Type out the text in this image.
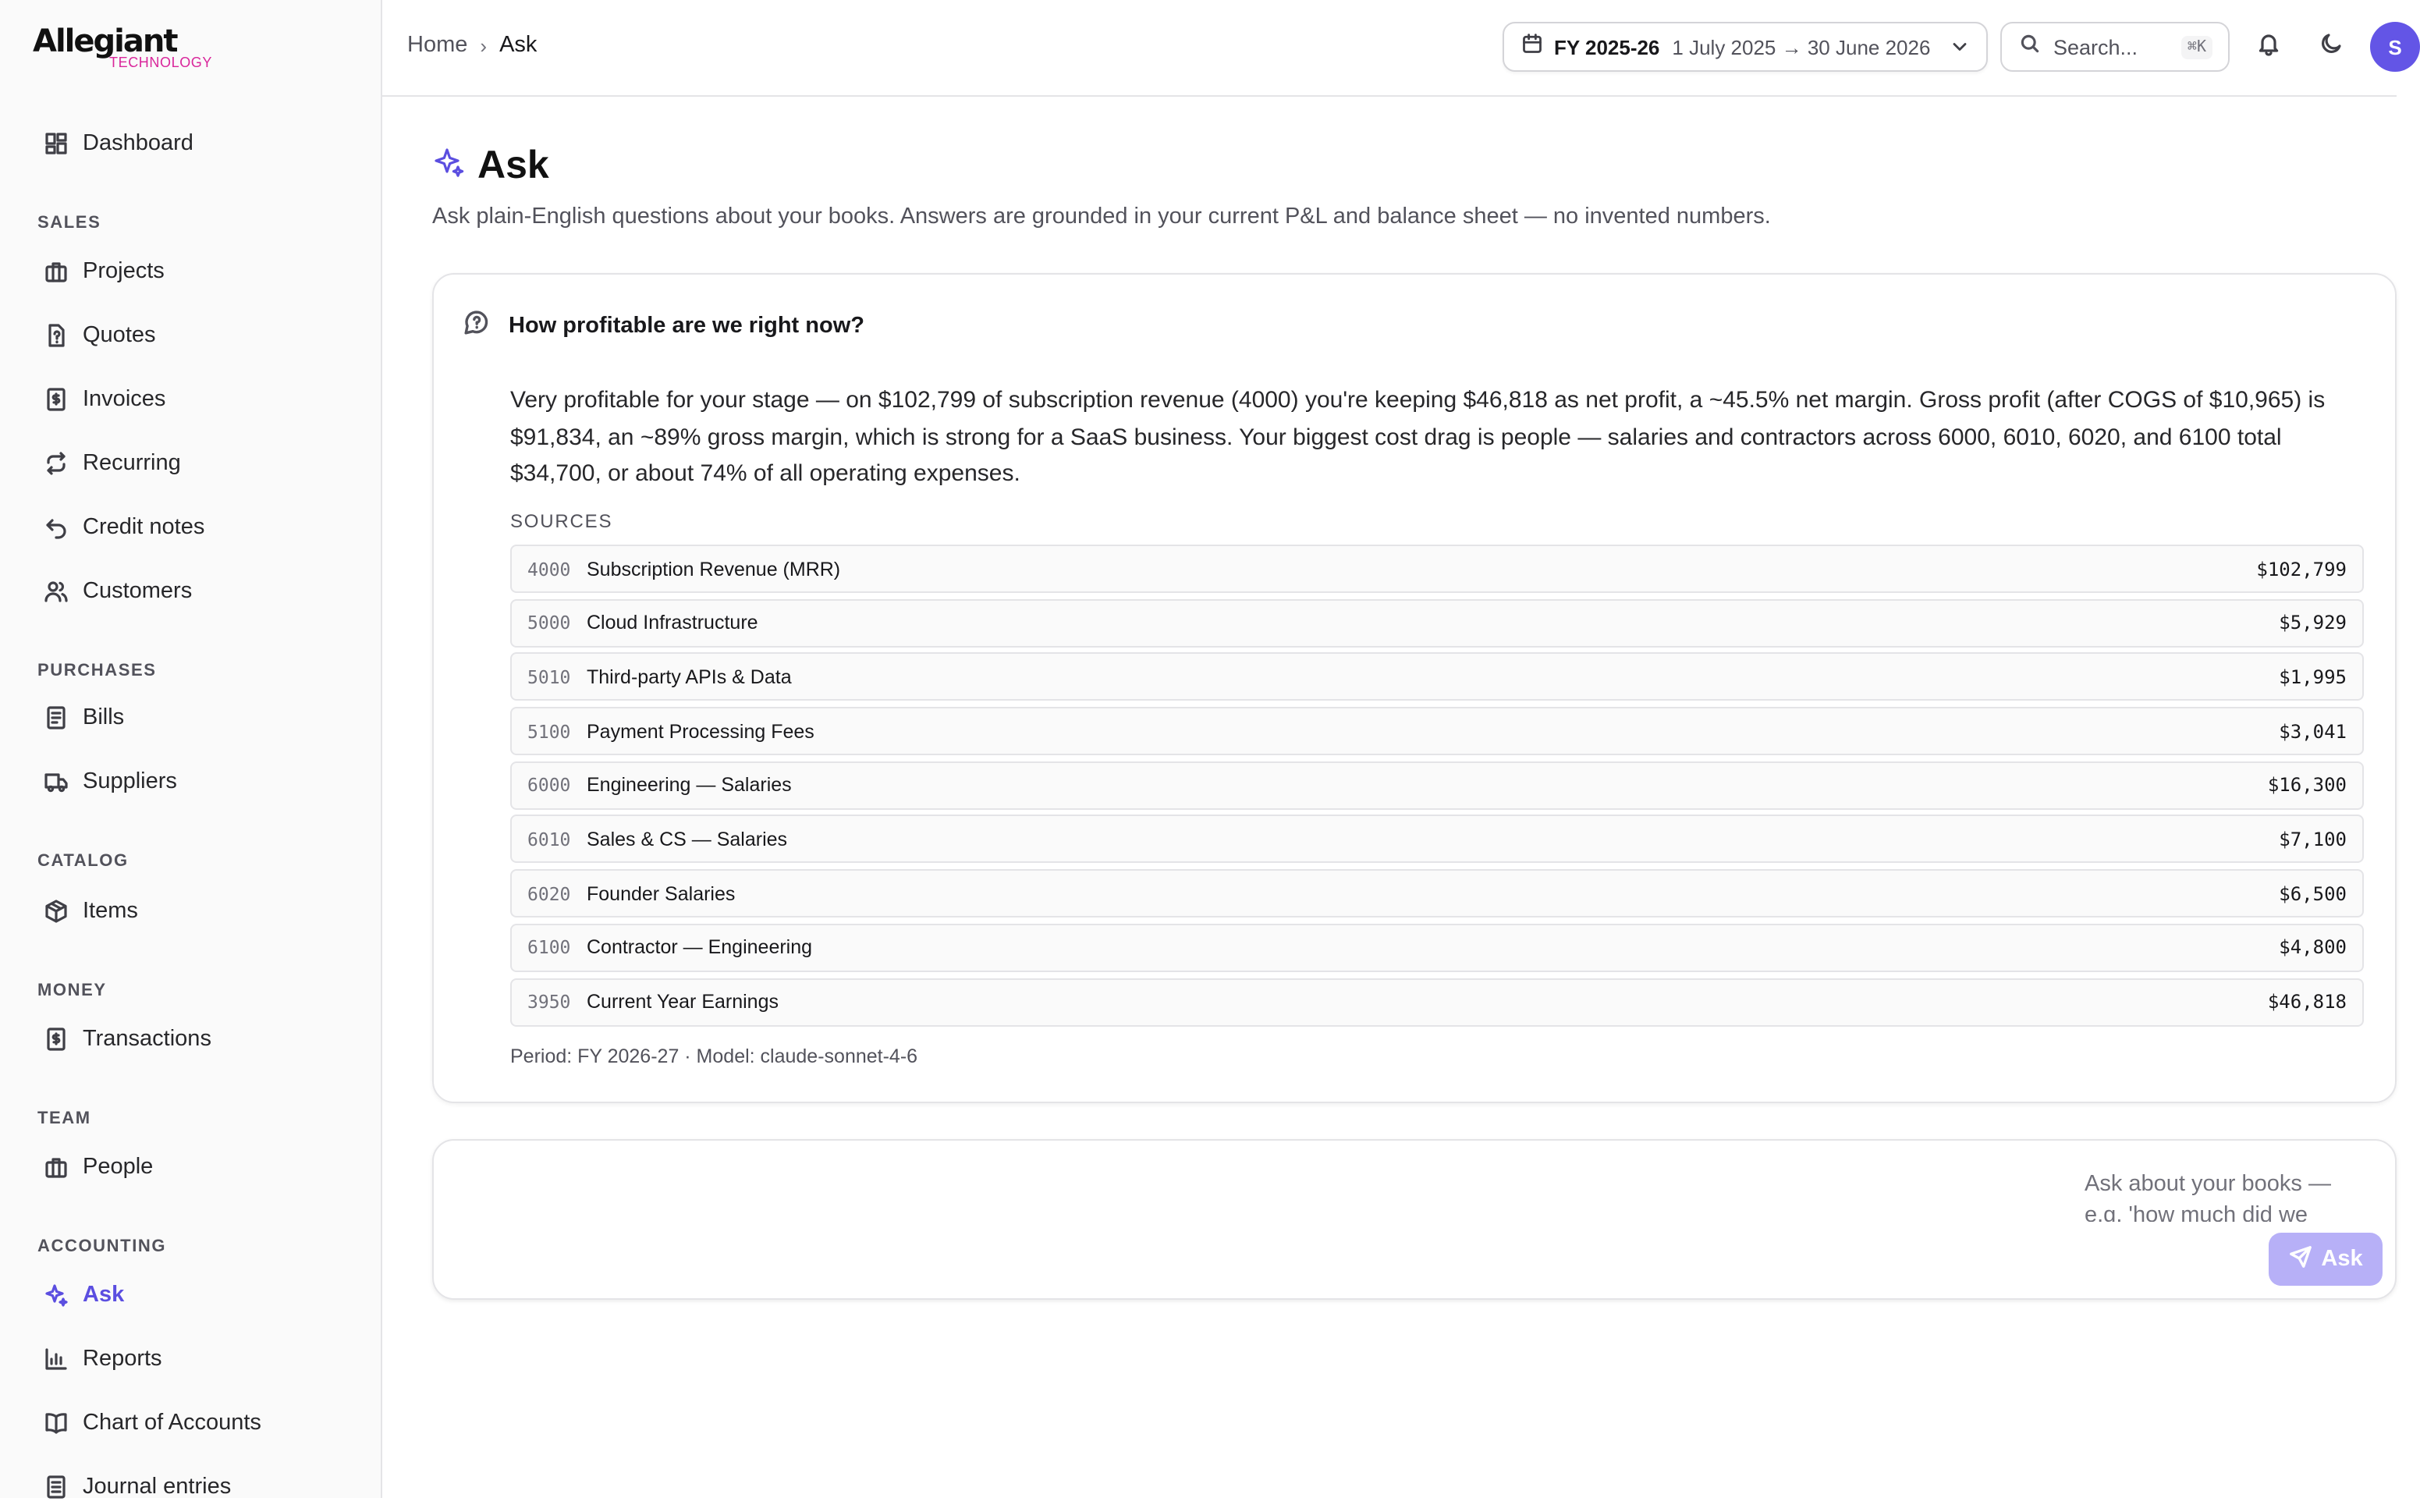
Allegiant
TECHNOLOGY
Dashboard
SALES
Projects
Quotes
Invoices
Recurring
Credit notes
Customers
PURCHASES
Bills
Suppliers
CATALOG
Items
MONEY
Transactions
TEAM
People
ACCOUNTING
Ask
Reports
Chart of Accounts
Journal entries
Home › Ask	FY 2025-26 1 July 2025 → 30 June 2026
Search...	⌘K	S
Ask

Ask plain-English questions about your books. Answers are grounded in your current P&L and balance sheet — no invented numbers.

How profitable are we right now?

Very profitable for your stage — on $102,799 of subscription revenue (4000) you're keeping $46,818 as net profit, a ~45.5% net margin. Gross profit (after COGS of $10,965) is $91,834, an ~89% gross margin, which is strong for a SaaS business. Your biggest cost drag is people — salaries and contractors across 6000, 6010, 6020, and 6100 total $34,700, or about 74% of all operating expenses.

SOURCES
4000	Subscription Revenue (MRR)	$102,799
5000	Cloud Infrastructure	$5,929
5010	Third-party APIs & Data	$1,995
5100	Payment Processing Fees	$3,041
6000	Engineering — Salaries	$16,300
6010	Sales & CS — Salaries	$7,100
6020	Founder Salaries	$6,500
6100	Contractor — Engineering	$4,800
3950	Current Year Earnings	$46,818
Period: FY 2026-27 · Model: claude-sonnet-4-6
Ask about your books — e.g. 'how much did we
Ask
